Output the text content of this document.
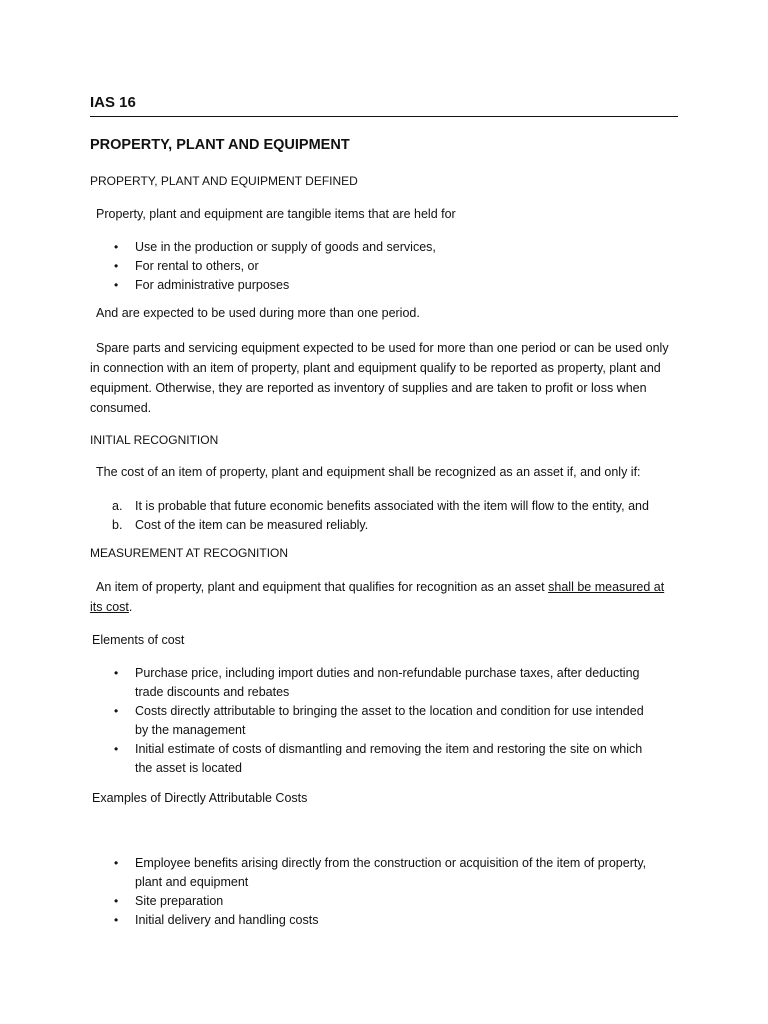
IAS 16
PROPERTY, PLANT AND EQUIPMENT
PROPERTY, PLANT AND EQUIPMENT DEFINED
Property, plant and equipment are tangible items that are held for
• Use in the production or supply of goods and services,
• For rental to others, or
• For administrative purposes
And are expected to be used during more than one period.
Spare parts and servicing equipment expected to be used for more than one period or can be used only in connection with an item of property, plant and equipment qualify to be reported as property, plant and equipment. Otherwise, they are reported as inventory of supplies and are taken to profit or loss when consumed.
INITIAL RECOGNITION
The cost of an item of property, plant and equipment shall be recognized as an asset if, and only if:
a. It is probable that future economic benefits associated with the item will flow to the entity, and
b. Cost of the item can be measured reliably.
MEASUREMENT AT RECOGNITION
An item of property, plant and equipment that qualifies for recognition as an asset shall be measured at its cost.
Elements of cost
• Purchase price, including import duties and non-refundable purchase taxes, after deducting trade discounts and rebates
• Costs directly attributable to bringing the asset to the location and condition for use intended by the management
• Initial estimate of costs of dismantling and removing the item and restoring the site on which the asset is located
Examples of Directly Attributable Costs
• Employee benefits arising directly from the construction or acquisition of the item of property, plant and equipment
• Site preparation
• Initial delivery and handling costs
